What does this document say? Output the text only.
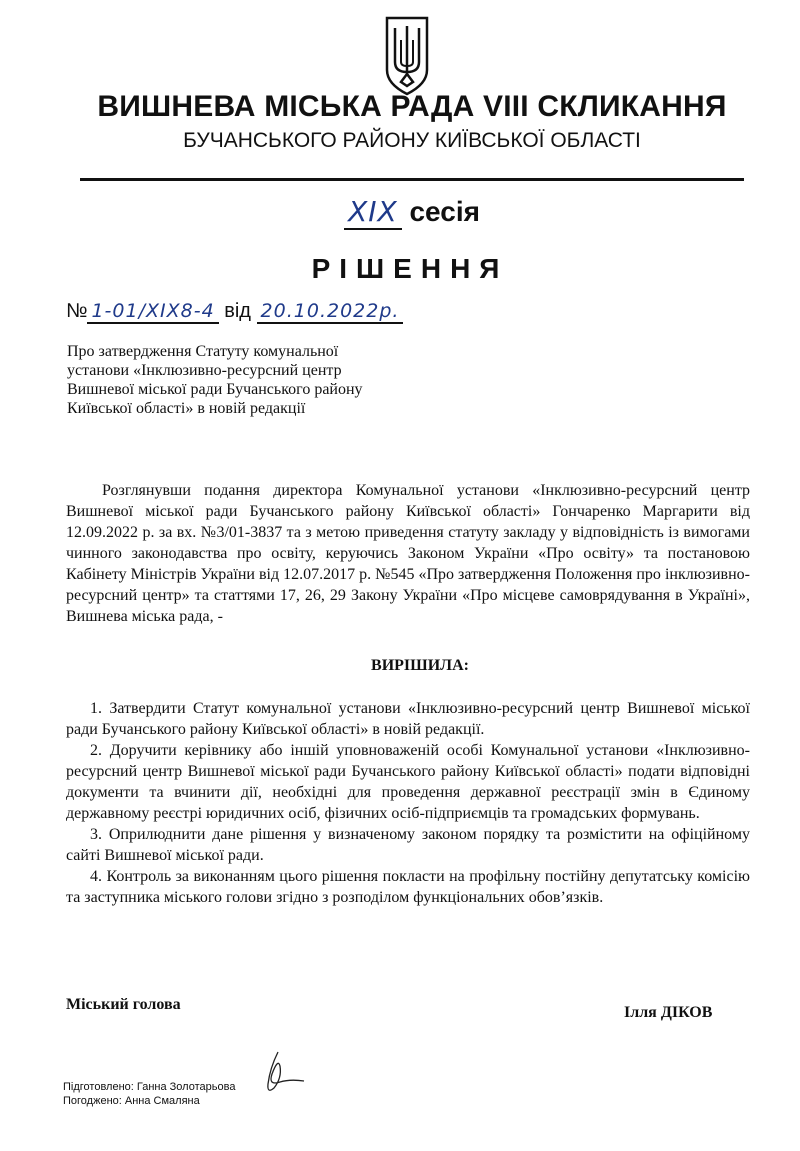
ВИШНЕВА МІСЬКА РАДА VIII СКЛИКАННЯ
БУЧАНСЬКОГО РАЙОНУ КИЇВСЬКОЇ ОБЛАСТІ
XIX сесія
РІШЕННЯ
№ 1-01/XIX8-4 від 20.10.2022р.
Про затвердження Статуту комунальної установи «Інклюзивно-ресурсний центр Вишневої міської ради Бучанського району Київської області» в новій редакції
Розглянувши подання директора Комунальної установи «Інклюзивно-ресурсний центр Вишневої міської ради Бучанського району Київської області» Гончаренко Маргарити від 12.09.2022 р. за вх. №3/01-3837 та з метою приведення статуту закладу у відповідність із вимогами чинного законодавства про освіту, керуючись Законом України «Про освіту» та постановою Кабінету Міністрів України від 12.07.2017 р. №545 «Про затвердження Положення про інклюзивно-ресурсний центр» та статтями 17, 26, 29 Закону України «Про місцеве самоврядування в Україні», Вишнева міська рада, -
ВИРІШИЛА:
1. Затвердити Статут комунальної установи «Інклюзивно-ресурсний центр Вишневої міської ради Бучанського району Київської області» в новій редакції.
2. Доручити керівнику або іншій уповноваженій особі Комунальної установи «Інклюзивно-ресурсний центр Вишневої міської ради Бучанського району Київської області» подати відповідні документи та вчинити дії, необхідні для проведення державної реєстрації змін в Єдиному державному реєстрі юридичних осіб, фізичних осіб-підприємців та громадських формувань.
3. Оприлюднити дане рішення у визначеному законом порядку та розмістити на офіційному сайті Вишневої міської ради.
4. Контроль за виконанням цього рішення покласти на профільну постійну депутатську комісію та заступника міського голови згідно з розподілом функціональних обов’язків.
Міський голова	Ілля ДІКОВ
Підготовлено: Ганна Золотарьова
Погоджено: Анна Смаляна
